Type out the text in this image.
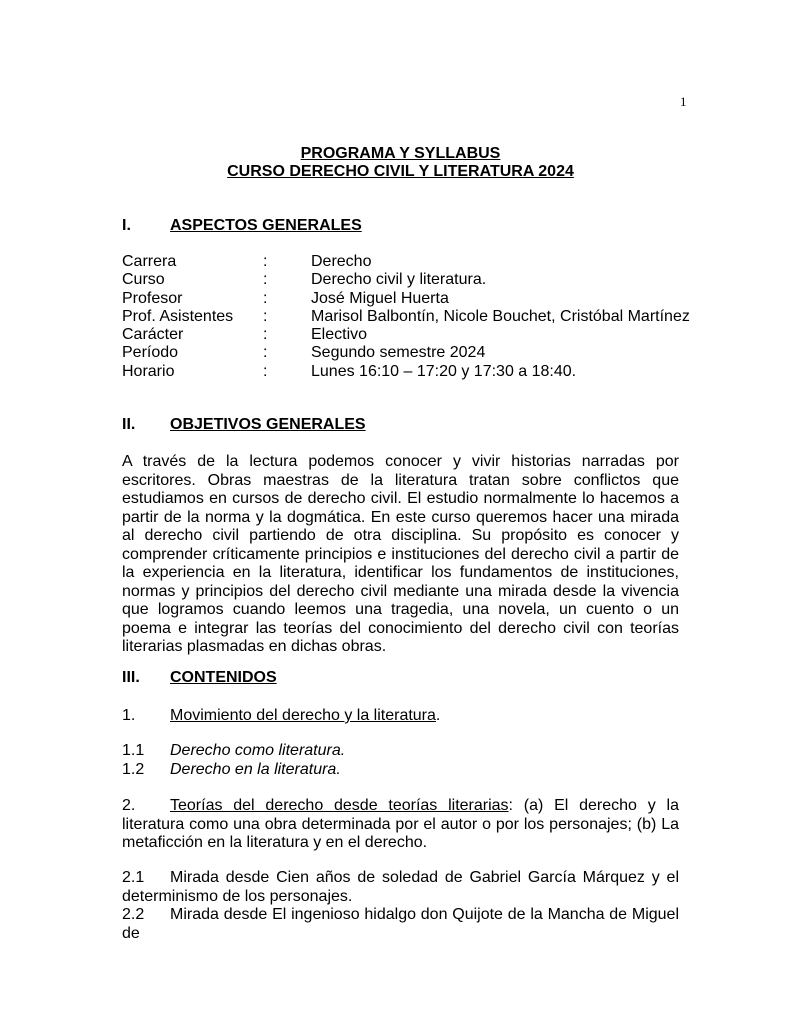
1
PROGRAMA Y SYLLABUS
CURSO DERECHO CIVIL Y LITERATURA 2024
I. ASPECTOS GENERALES
Carrera	:	Derecho
Curso	:	Derecho civil y literatura.
Profesor	:	José Miguel Huerta
Prof. Asistentes	:	Marisol Balbontín, Nicole Bouchet, Cristóbal Martínez
Carácter	:	Electivo
Período	:	Segundo semestre 2024
Horario	:	Lunes 16:10 – 17:20 y 17:30 a 18:40.
II. OBJETIVOS GENERALES
A través de la lectura podemos conocer y vivir historias narradas por escritores. Obras maestras de la literatura tratan sobre conflictos que estudiamos en cursos de derecho civil. El estudio normalmente lo hacemos a partir de la norma y la dogmática. En este curso queremos hacer una mirada al derecho civil partiendo de otra disciplina. Su propósito es conocer y comprender críticamente principios e instituciones del derecho civil a partir de la experiencia en la literatura, identificar los fundamentos de instituciones, normas y principios del derecho civil mediante una mirada desde la vivencia que logramos cuando leemos una tragedia, una novela, un cuento o un poema e integrar las teorías del conocimiento del derecho civil con teorías literarias plasmadas en dichas obras.
III. CONTENIDOS
1. Movimiento del derecho y la literatura.
1.1 Derecho como literatura.
1.2 Derecho en la literatura.
2. Teorías del derecho desde teorías literarias: (a) El derecho y la literatura como una obra determinada por el autor o por los personajes; (b) La metaficción en la literatura y en el derecho.
2.1 Mirada desde Cien años de soledad de Gabriel García Márquez y el determinismo de los personajes.
2.2 Mirada desde El ingenioso hidalgo don Quijote de la Mancha de Miguel de
